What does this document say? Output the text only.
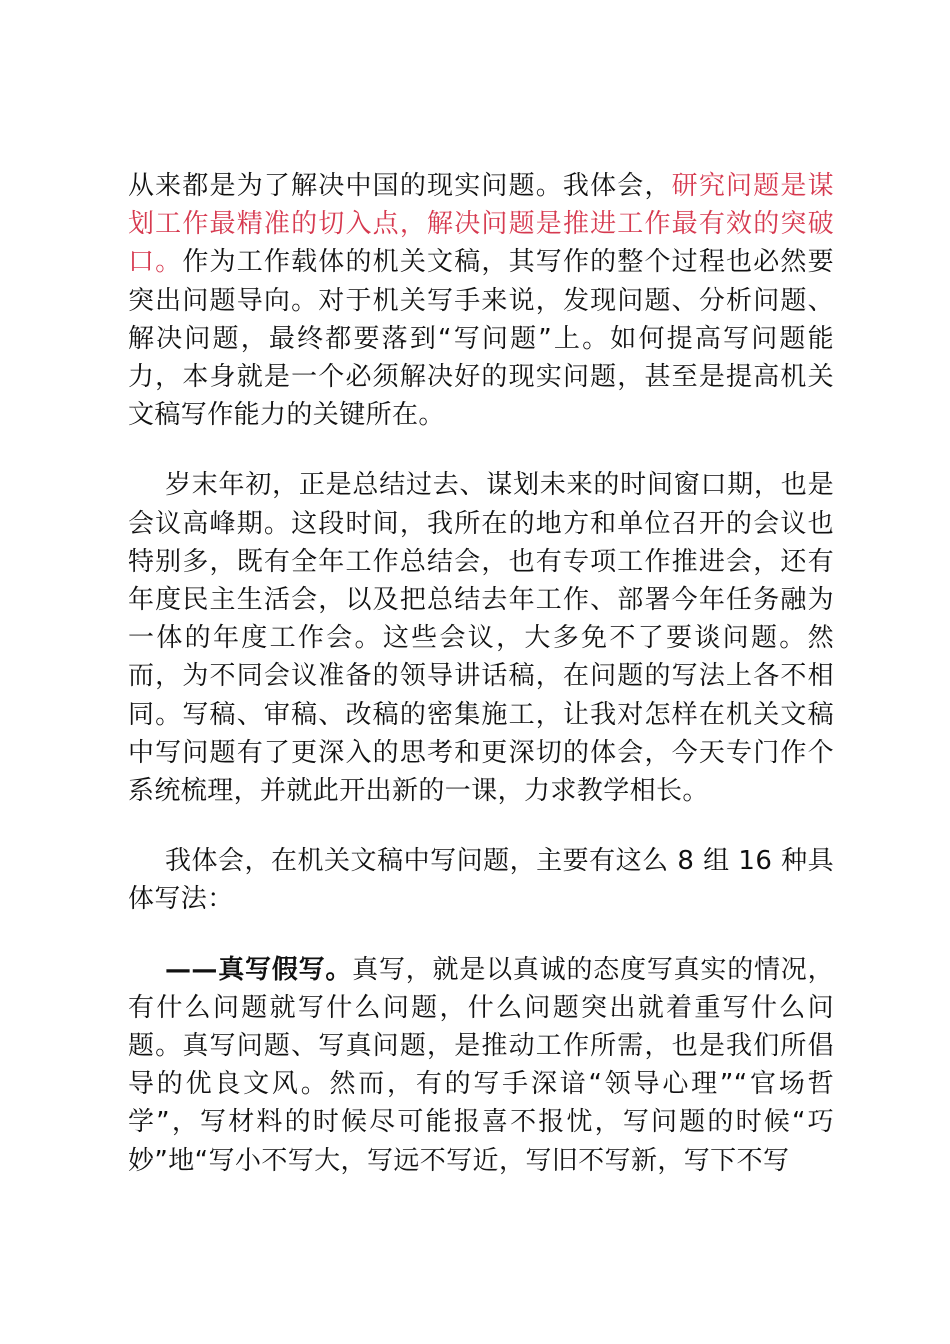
从来都是为了解决中国的现实问题。我体会，研究问题是谋划工作最精准的切入点，解决问题是推进工作最有效的突破口。作为工作载体的机关文稿，其写作的整个过程也必然要突出问题导向。对于机关写手来说，发现问题、分析问题、解决问题，最终都要落到“写问题”上。如何提高写问题能力，本身就是一个必须解决好的现实问题，甚至是提高机关文稿写作能力的关键所在。

岁末年初，正是总结过去、谋划未来的时间窗口期，也是会议高峰期。这段时间，我所在的地方和单位召开的会议也特别多，既有全年工作总结会，也有专项工作推进会，还有年度民主生活会，以及把总结去年工作、部署今年任务融为一体的年度工作会。这些会议，大多免不了要谈问题。然而，为不同会议准备的领导讲话稿，在问题的写法上各不相同。写稿、审稿、改稿的密集施工，让我对怎样在机关文稿中写问题有了更深入的思考和更深切的体会，今天专门作个系统梳理，并就此开出新的一课，力求教学相长。

我体会，在机关文稿中写问题，主要有这么 8 组 16 种具体写法：

——真写假写。真写，就是以真诚的态度写真实的情况，有什么问题就写什么问题，什么问题突出就着重写什么问题。真写问题、写真问题，是推动工作所需，也是我们所倡导的优良文风。然而，有的写手深谙“领导心理”“官场哲学”，写材料的时候尽可能报喜不报忧，写问题的时候“巧妙”地“写小不写大，写远不写近，写旧不写新，写下不写
